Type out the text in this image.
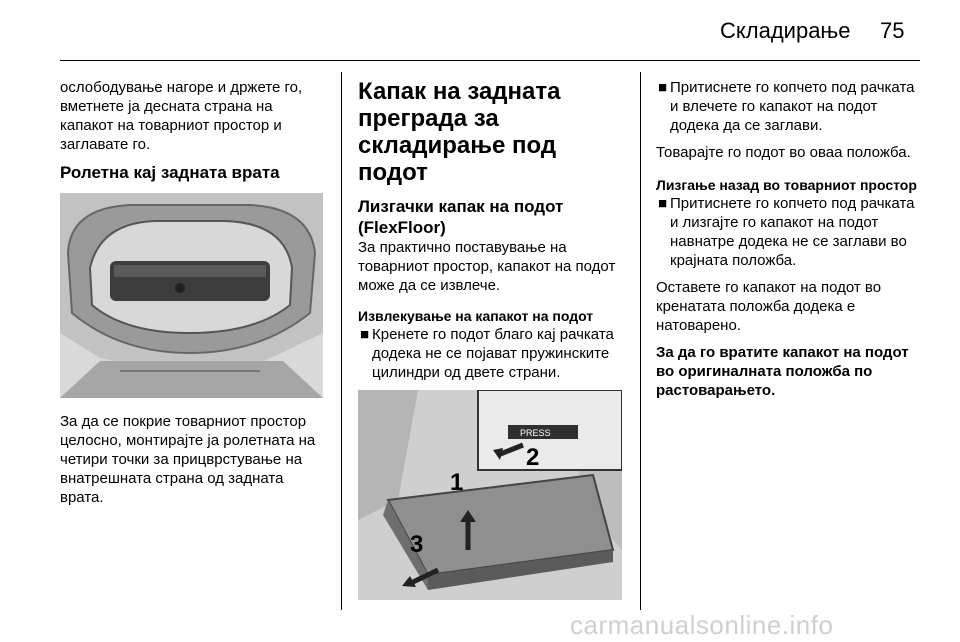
Складирање 75

ослободувањe нагоре и држете го, вметнете ја десната страна на капакот на товарниот простор и заглавате го.

Ролетна кај задната врата

За да се покрие товарниот простор целосно, монтирајте ја ролетната на четири точки за прицврстување на внатрешната страна од задната врата.

Капак на задната преграда за складирање под подот
Лизгачки капак на подот (FlexFloor)

За практично поставување на товарниот простор, капакот на подот може да се извлече.

Извлекување на капакот на подот
■ Кренете го подот благо кај рачката додека не се појават пружинските цилиндри од двете страни.
PRESS
1
2
3
■ Притиснете го копчето под рачката и влечете го капакот на подот додека да се заглави.

Товарајте го подот во оваа положба.

Лизгање назад во товарниот простор
■ Притиснете го копчето под рачката и лизгајте го капакот на подот навнатре додека не се заглави во крајната положба.

Оставете го капакот на подот во кренатата положба додека е натоварено.

За да го вратите капакот на подот во оригиналната положба по растоварањето.

carmanualsonline.info
